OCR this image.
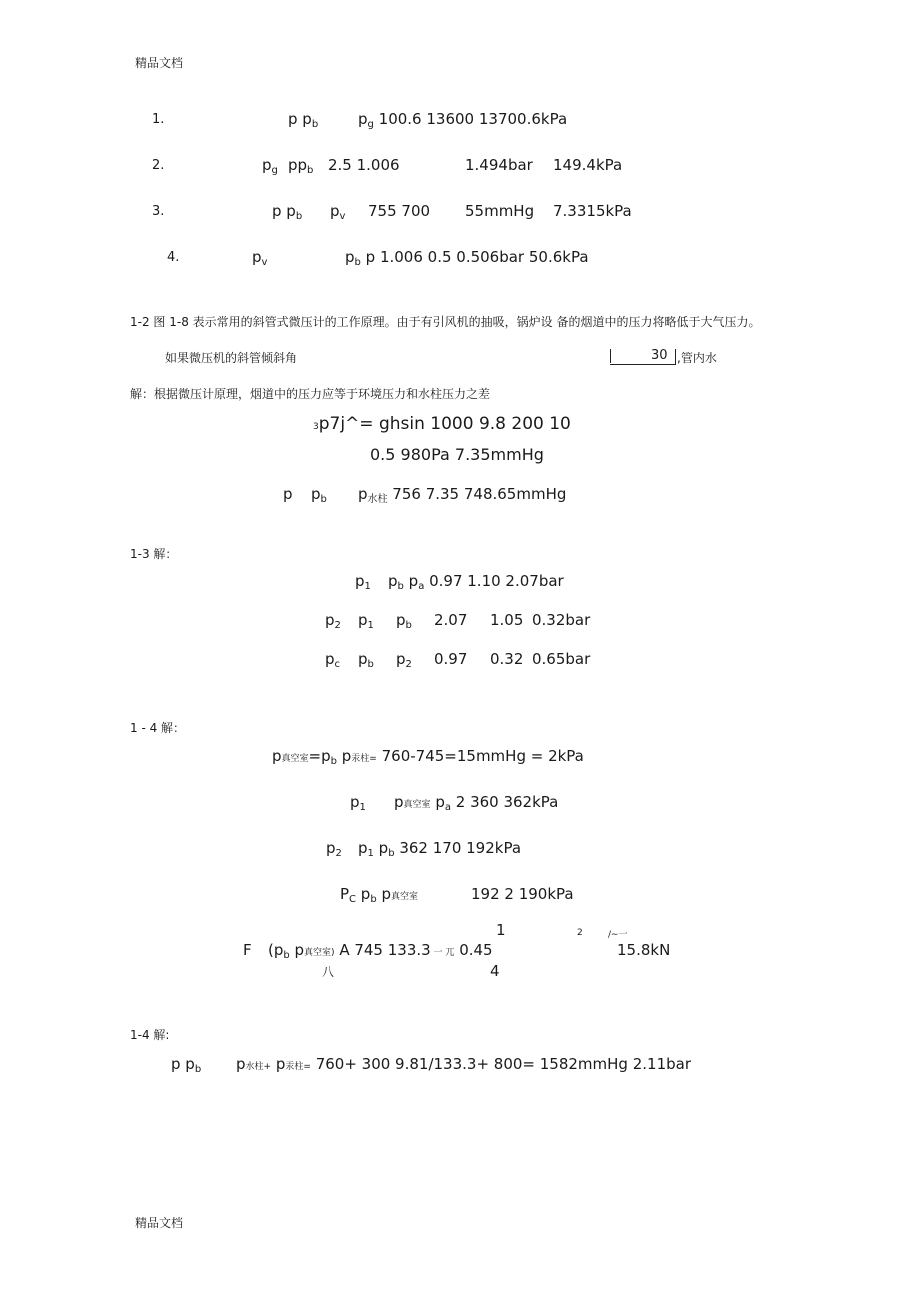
精品文档
1.	p $p_b$	$p_g$ 100.6 13600 13700.6kPa
2.	$p_g$ $pp_b$ 2.5 1.006	1.494bar 149.4kPa
3.	p $p_b$ $p_v$ 755 700 55mmHg 7.3315kPa
4.	$p_v$	$p_b$ p 1.006 0.5 0.506bar 50.6kPa
1-2 图 1-8 表示常用的斜管式微压计的工作原理。由于有引风机的抽吸，锅炉设 备的烟道中的压力将略低于大气压力。
如果微压机的斜管倾斜角	30 ,管内水
解：根据微压计原理，烟道中的压力应等于环境压力和水柱压力之差
3p7j^= ghsin 1000 9.8 200 10
0.5 980Pa 7.35mmHg
p $p_b$ $p_{水柱}$ 756 7.35 748.65mmHg
1-3 解：
$p_1$ $p_b$ $p_a$ 0.97 1.10 2.07bar
$p_2$ $p_1$ $p_b$ 2.07 1.05 0.32bar
$p_c$ $p_b$ $p_2$ 0.97 0.32 0.65bar
1 - 4 解：
p真空室$=p_b$ p汞柱= 760-745=15mmHg = 2kPa
$p_1$ p真空室 $p_a$ 2 360 362kPa
$p_2$ $p_1$ $p_b$ 362 170 192kPa
$P_C$ $p_b$ p真空室	192 2 190kPa
1	2	/∼一
F ($p_b$ p真空室) A 745 133.3 一 兀 0.45	15.8kN
八	4
1-4 解:
p $p_b$ p水柱+ p汞柱= 760+ 300 9.81/133.3+ 800= 1582mmHg 2.11bar
精品文档
